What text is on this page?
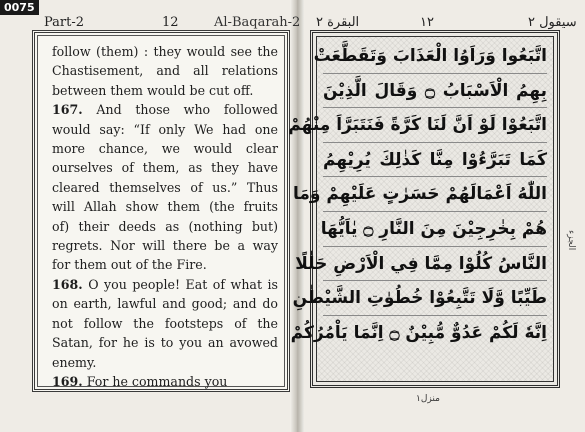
0075
Part-2	12	Al-Baqarah-2 البقرة ٢	١٢	سيقول ٢
follow (them) : they would see the
Chastisement, and all relations
between them would be cut off.
167. And those who followed
would say: “If only We had one
more chance, we would clear
ourselves of them, as they have
cleared themselves of us.” Thus
will Allah show them (the fruits
of) their deeds as (nothing but)
regrets. Nor will there be a way
for them out of the Fire.
168. O you people! Eat of what is
on earth, lawful and good; and do
not follow the footsteps of the
Satan, for he is to you an avowed
enemy.
169. For he commands you
اتَّبَعُوا وَرَاَوُا الْعَذَابَ وَتَقَطَّعَتْ
بِهِمُ الْاَسْبَابُ ۝ وَقَالَ الَّذِيْنَ
اتَّبَعُوْا لَوْ اَنَّ لَنَا كَرَّةً فَنَتَبَرَّاَ مِنْهُمْ
كَمَا تَبَرَّءُوْا مِنَّا كَذٰلِكَ يُرِيْهِمُ
اللّٰهُ اَعْمَالَهُمْ حَسَرٰتٍ عَلَيْهِمْ وَمَا
هُمْ بِخٰرِجِيْنَ مِنَ النَّارِ ۝ يٰاَيُّهَا
النَّاسُ كُلُوْا مِمَّا فِي الْاَرْضِ حَلٰلًا
طَيِّبًا وَّلَا تَتَّبِعُوْا خُطُوٰتِ الشَّيْطٰنِ
اِنَّهٗ لَكُمْ عَدُوٌّ مُّبِيْنٌ ۝ اِنَّمَا يَاْمُرُكُمْ
الجزء
منزل١
